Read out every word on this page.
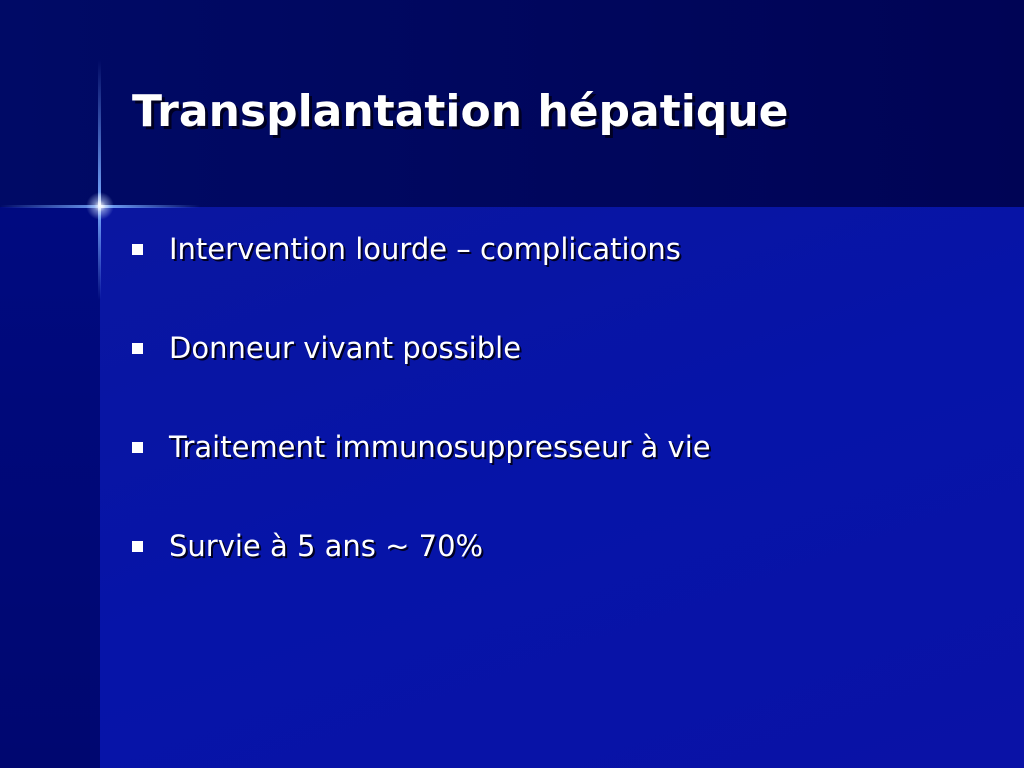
Transplantation hépatique
Intervention lourde – complications
Donneur vivant possible
Traitement immunosuppresseur à vie
Survie à 5 ans ~ 70%
